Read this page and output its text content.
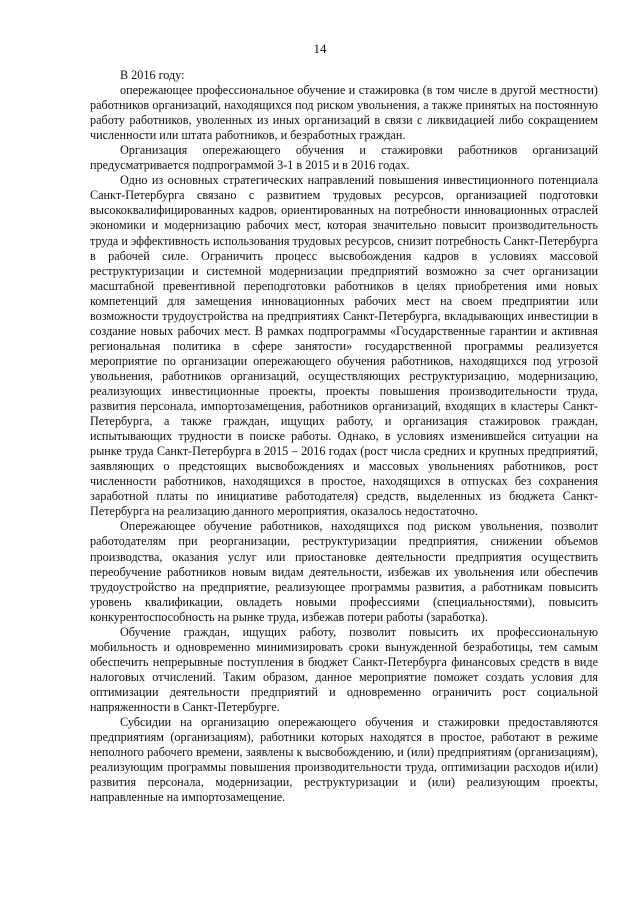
14

В 2016 году:

опережающее профессиональное обучение и стажировка (в том числе в другой местности) работников организаций, находящихся под риском увольнения, а также принятых на постоянную работу работников, уволенных из иных организаций в связи с ликвидацией либо сокращением численности или штата работников, и безработных граждан.

Организация опережающего обучения и стажировки работников организаций предусматривается подпрограммой 3-1 в 2015 и в 2016 годах.

Одно из основных стратегических направлений повышения инвестиционного потенциала Санкт-Петербурга связано с развитием трудовых ресурсов, организацией подготовки высококвалифицированных кадров, ориентированных на потребности инновационных отраслей экономики и модернизацию рабочих мест, которая значительно повысит производительность труда и эффективность использования трудовых ресурсов, снизит потребность Санкт-Петербурга в рабочей силе. Ограничить процесс высвобождения кадров в условиях массовой реструктуризации и системной модернизации предприятий возможно за счет организации масштабной превентивной переподготовки работников в целях приобретения ими новых компетенций для замещения инновационных рабочих мест на своем предприятии или возможности трудоустройства на предприятиях Санкт-Петербурга, вкладывающих инвестиции в создание новых рабочих мест. В рамках подпрограммы «Государственные гарантии и активная региональная политика в сфере занятости» государственной программы реализуется мероприятие по организации опережающего обучения работников, находящихся под угрозой увольнения, работников организаций, осуществляющих реструктуризацию, модернизацию, реализующих инвестиционные проекты, проекты повышения производительности труда, развития персонала, импортозамещения, работников организаций, входящих в кластеры Санкт-Петербурга, а также граждан, ищущих работу, и организация стажировок граждан, испытывающих трудности в поиске работы. Однако, в условиях изменившейся ситуации на рынке труда Санкт-Петербурга в 2015 – 2016 годах (рост числа средних и крупных предприятий, заявляющих о предстоящих высвобождениях и массовых увольнениях работников, рост численности работников, находящихся в простое, находящихся в отпусках без сохранения заработной платы по инициативе работодателя) средств, выделенных из бюджета Санкт-Петербурга на реализацию данного мероприятия, оказалось недостаточно.

Опережающее обучение работников, находящихся под риском увольнения, позволит работодателям при реорганизации, реструктуризации предприятия, снижении объемов производства, оказания услуг или приостановке деятельности предприятия осуществить переобучение работников новым видам деятельности, избежав их увольнения или обеспечив трудоустройство на предприятие, реализующее программы развития, а работникам повысить уровень квалификации, овладеть новыми профессиями (специальностями), повысить конкурентоспособность на рынке труда, избежав потери работы (заработка).

Обучение граждан, ищущих работу, позволит повысить их профессиональную мобильность и одновременно минимизировать сроки вынужденной безработицы, тем самым обеспечить непрерывные поступления в бюджет Санкт-Петербурга финансовых средств в виде налоговых отчислений. Таким образом, данное мероприятие поможет создать условия для оптимизации деятельности предприятий и одновременно ограничить рост социальной напряженности в Санкт-Петербурге.

Субсидии на организацию опережающего обучения и стажировки предоставляются предприятиям (организациям), работники которых находятся в простое, работают в режиме неполного рабочего времени, заявлены к высвобождению, и (или) предприятиям (организациям), реализующим программы повышения производительности труда, оптимизации расходов и(или) развития персонала, модернизации, реструктуризации и (или) реализующим проекты, направленные на импортозамещение.
